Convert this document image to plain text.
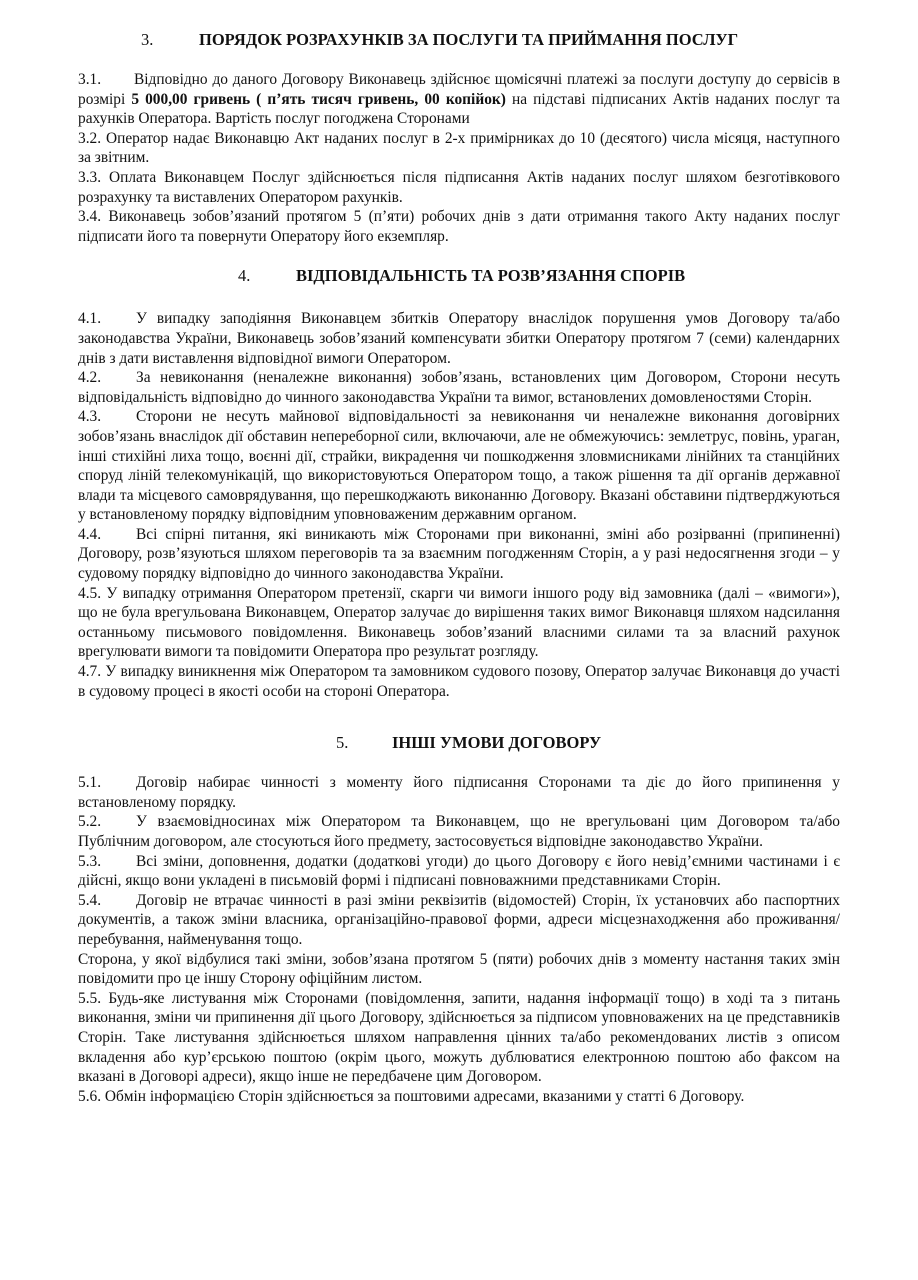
3.	ПОРЯДОК РОЗРАХУНКІВ ЗА ПОСЛУГИ ТА ПРИЙМАННЯ ПОСЛУГ

3.1. Відповідно до даного Договору Виконавець здійснює щомісячні платежі за послуги доступу до сервісів в розмірі 5 000,00 гривень ( п’ять тисяч гривень, 00 копійок) на підставі підписаних Актів наданих послуг та рахунків Оператора. Вартість послуг погоджена Сторонами

3.2. Оператор надає Виконавцю Акт наданих послуг в 2-х примірниках до 10 (десятого) числа місяця, наступного за звітним.

3.3. Оплата Виконавцем Послуг здійснюється після підписання Актів наданих послуг шляхом безготівкового розрахунку та виставлених Оператором рахунків.

3.4. Виконавець зобов’язаний протягом 5 (п’яти) робочих днів з дати отримання такого Акту наданих послуг підписати його та повернути Оператору його екземпляр.

4.	ВІДПОВІДАЛЬНІСТЬ ТА РОЗВ’ЯЗАННЯ СПОРІВ

4.1. У випадку заподіяння Виконавцем збитків Оператору внаслідок порушення умов Договору та/або законодавства України, Виконавець зобов’язаний компенсувати збитки Оператору протягом 7 (семи) календарних днів з дати виставлення відповідної вимоги Оператором.

4.2. За невиконання (неналежне виконання) зобов’язань, встановлених цим Договором, Сторони несуть відповідальність відповідно до чинного законодавства України та вимог, встановлених домовленостями Сторін.

4.3. Сторони не несуть майнової відповідальності за невиконання чи неналежне виконання договірних зобов’язань внаслідок дії обставин непереборної сили, включаючи, але не обмежуючись: землетрус, повінь, ураган, інші стихійні лиха тощо, воєнні дії, страйки, викрадення чи пошкодження зловмисниками лінійних та станційних споруд ліній телекомунікацій, що використовуються Оператором тощо, а також рішення та дії органів державної влади та місцевого самоврядування, що перешкоджають виконанню Договору. Вказані обставини підтверджуються у встановленому порядку відповідним уповноваженим державним органом.

4.4. Всі спірні питання, які виникають між Сторонами при виконанні, зміні або розірванні (припиненні) Договору, розв’язуються шляхом переговорів та за взаємним погодженням Сторін, а у разі недосягнення згоди – у судовому порядку відповідно до чинного законодавства України.

4.5. У випадку отримання Оператором претензії, скарги чи вимоги іншого роду від замовника (далі – «вимоги»), що не була врегульована Виконавцем, Оператор залучає до вирішення таких вимог Виконавця шляхом надсилання останньому письмового повідомлення. Виконавець зобов’язаний власними силами та за власний рахунок врегулювати вимоги та повідомити Оператора про результат розгляду.

4.7. У випадку виникнення між Оператором та замовником судового позову, Оператор залучає Виконавця до участі в судовому процесі в якості особи на стороні Оператора.

5.	ІНШІ УМОВИ ДОГОВОРУ

5.1. Договір набирає чинності з моменту його підписання Сторонами та діє до його припинення у встановленому порядку.

5.2. У взаємовідносинах між Оператором та Виконавцем, що не врегульовані цим Договором та/або Публічним договором, але стосуються його предмету, застосовується відповідне законодавство України.

5.3. Всі зміни, доповнення, додатки (додаткові угоди) до цього Договору є його невід’ємними частинами і є дійсні, якщо вони укладені в письмовій формі і підписані повноважними представниками Сторін.

5.4. Договір не втрачає чинності в разі зміни реквізитів (відомостей) Сторін, їх установчих або паспортних документів, а також зміни власника, організаційно-правової форми, адреси місцезнаходження або проживання/перебування, найменування тощо.

Сторона, у якої відбулися такі зміни, зобов’язана протягом 5 (пяти) робочих днів з моменту настання таких змін повідомити про це іншу Сторону офіційним листом.

5.5. Будь-яке листування між Сторонами (повідомлення, запити, надання інформації тощо) в ході та з питань виконання, зміни чи припинення дії цього Договору, здійснюється за підписом уповноважених на це представників Сторін. Таке листування здійснюється шляхом направлення цінних та/або рекомендованих листів з описом вкладення або кур’єрською поштою (окрім цього, можуть дублюватися електронною поштою або факсом на вказані в Договорі адреси), якщо інше не передбачене цим Договором.

5.6. Обмін інформацією Сторін здійснюється за поштовими адресами, вказаними у статті 6 Договору.
